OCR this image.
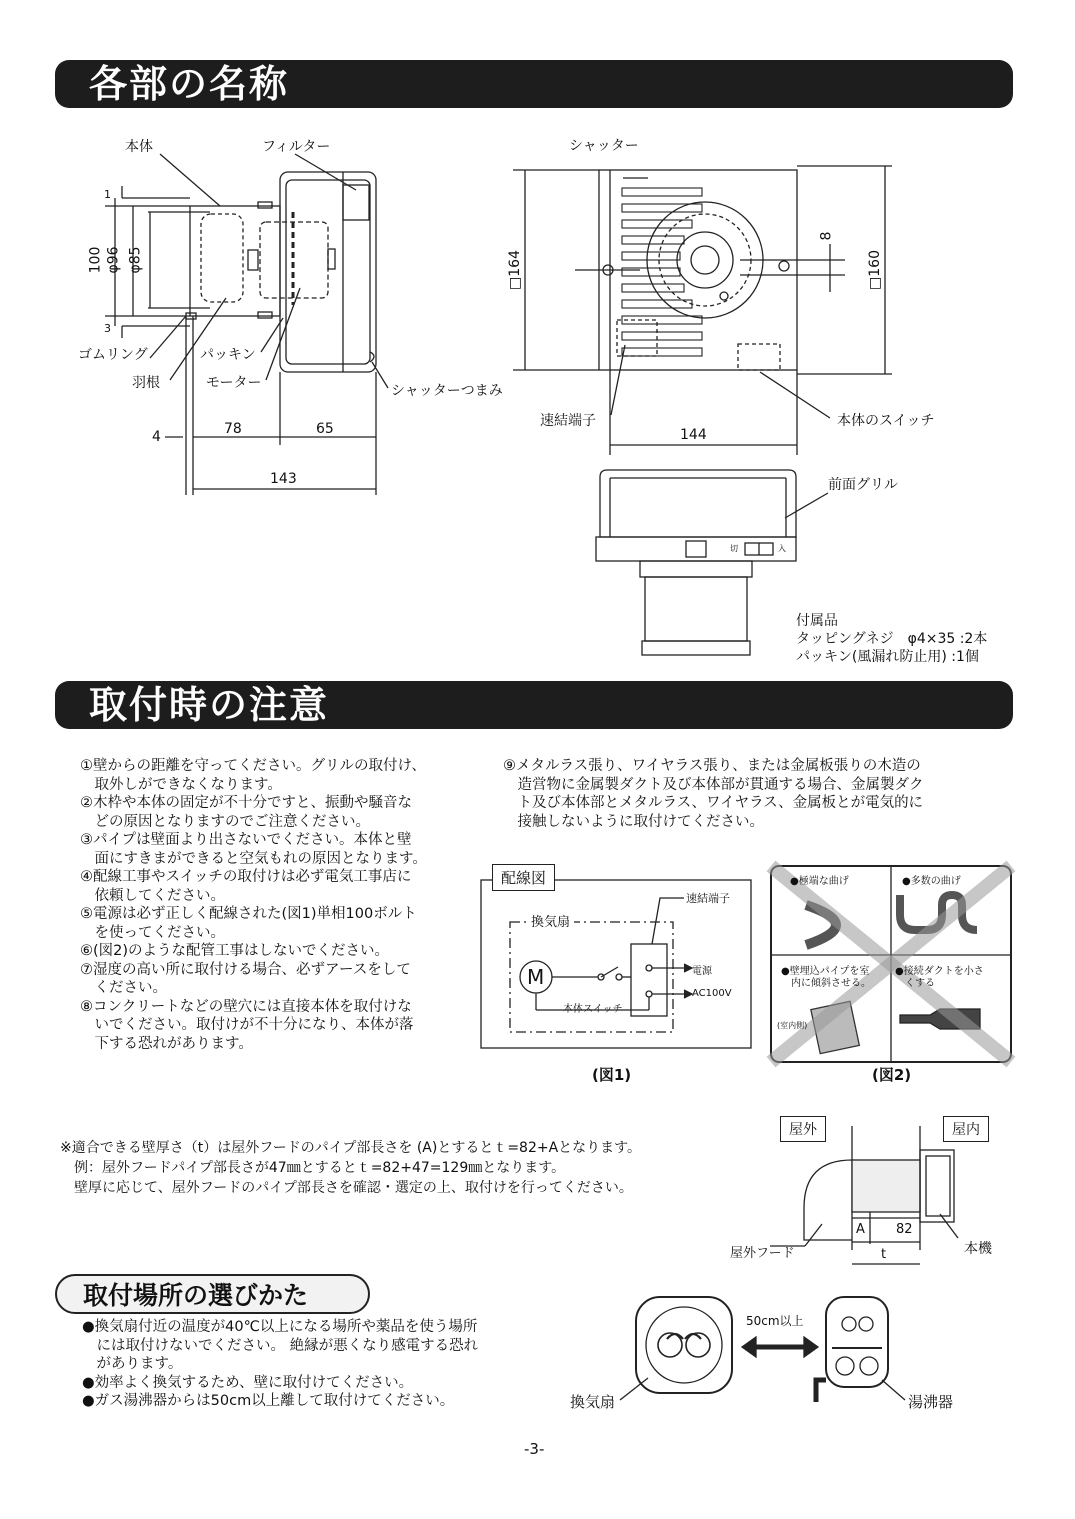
各部の名称
取付時の注意
取付場所の選びかた
本体	フィルター
ゴムリング	パッキン
羽根	モーター	シャッターつまみ
100 φ96 φ85
1
3
4	78	65
143
シャッター
速結端子	本体のスイッチ
□164	□160
8
144
前面グリル
切	入
付属品
タッピングネジ　φ4×35 :2本
パッキン(風漏れ防止用) :1個
①壁からの距離を守ってください。グリルの取付け、
　取外しができなくなります。
②木枠や本体の固定が不十分ですと、振動や騒音な
　どの原因となりますのでご注意ください。
③パイプは壁面より出さないでください。本体と壁
　面にすきまができると空気もれの原因となります。
④配線工事やスイッチの取付けは必ず電気工事店に
　依頼してください。
⑤電源は必ず正しく配線された(図1)単相100ボルト
　を使ってください。
⑥(図2)のような配管工事はしないでください。
⑦湿度の高い所に取付ける場合、必ずアースをして
　ください。
⑧コンクリートなどの壁穴には直接本体を取付けな
　いでください。取付けが不十分になり、本体が落
　下する恐れがあります。
⑨メタルラス張り、ワイヤラス張り、または金属板張りの木造の
　造営物に金属製ダクト及び本体部が貫通する場合、金属製ダク
　ト及び本体部とメタルラス、ワイヤラス、金属板とが電気的に
　接触しないように取付けてください。
配線図
換気扇
速結端子
M
本体スイッチ
電源
AC100V
(図1)
●極端な曲げ	●多数の曲げ
●壁埋込パイプを室
内に傾斜させる。
(室内側)
●接続ダクトを小さ
くする
(図2)
※適合できる壁厚さ（t）は屋外フードのパイプ部長さを (A)とするとｔ=82+Aとなります。
例：屋外フードパイプ部長さが47㎜とするとｔ=82+47=129㎜となります。
壁厚に応じて、屋外フードのパイプ部長さを確認・選定の上、取付けを行ってください。
屋外	屋内
屋外フード	本機
A 82
t
●換気扇付近の温度が40℃以上になる場所や薬品を使う場所
　には取付けないでください。 絶縁が悪くなり感電する恐れ
　があります。
●効率よく換気するため、壁に取付けてください。
●ガス湯沸器からは50cm以上離して取付けてください。
50cm以上
換気扇	湯沸器
-3-
